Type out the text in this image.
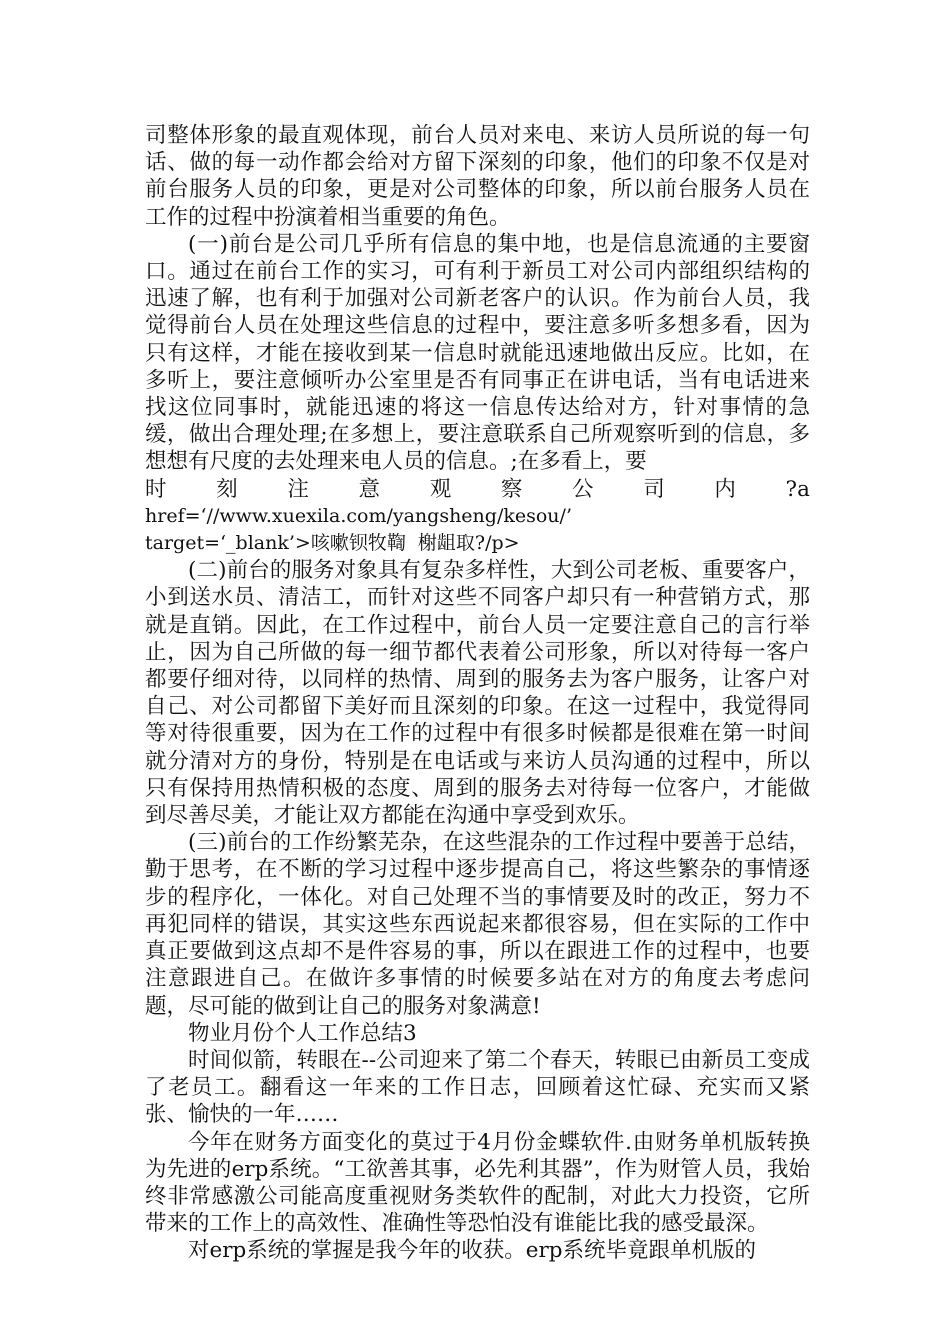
司整体形象的最直观体现，前台人员对来电、来访人员所说的每一句话、做的每一动作都会给对方留下深刻的印象，他们的印象不仅是对前台服务人员的印象，更是对公司整体的印象，所以前台服务人员在工作的过程中扮演着相当重要的角色。

(一)前台是公司几乎所有信息的集中地，也是信息流通的主要窗口。通过在前台工作的实习，可有利于新员工对公司内部组织结构的迅速了解，也有利于加强对公司新老客户的认识。作为前台人员，我觉得前台人员在处理这些信息的过程中，要注意多听多想多看，因为只有这样，才能在接收到某一信息时就能迅速地做出反应。比如，在多听上，要注意倾听办公室里是否有同事正在讲电话，当有电话进来找这位同事时，就能迅速的将这一信息传达给对方，针对事情的急缓，做出合理处理;在多想上，要注意联系自己所观察听到的信息，多想想有尺度的去处理来电人员的信息。;在多看上，要

时 刻 注 意 观 察 公 司 内 ?a
href=‘//www.xuexila.com/yangsheng/kesou/’
target=‘_blank’>咳嗽钡牧鞫  榭龃取?/p>

(二)前台的服务对象具有复杂多样性，大到公司老板、重要客户，小到送水员、清洁工，而针对这些不同客户却只有一种营销方式，那就是直销。因此，在工作过程中，前台人员一定要注意自己的言行举止，因为自己所做的每一细节都代表着公司形象，所以对待每一客户都要仔细对待，以同样的热情、周到的服务去为客户服务，让客户对自己、对公司都留下美好而且深刻的印象。在这一过程中，我觉得同等对待很重要，因为在工作的过程中有很多时候都是很难在第一时间就分清对方的身份，特别是在电话或与来访人员沟通的过程中，所以只有保持用热情积极的态度、周到的服务去对待每一位客户，才能做到尽善尽美，才能让双方都能在沟通中享受到欢乐。

(三)前台的工作纷繁芜杂，在这些混杂的工作过程中要善于总结，勤于思考，在不断的学习过程中逐步提高自己，将这些繁杂的事情逐步的程序化，一体化。对自己处理不当的事情要及时的改正，努力不再犯同样的错误，其实这些东西说起来都很容易，但在实际的工作中真正要做到这点却不是件容易的事，所以在跟进工作的过程中，也要注意跟进自己。在做许多事情的时候要多站在对方的角度去考虑问题，尽可能的做到让自己的服务对象满意!

物业月份个人工作总结3

时间似箭，转眼在--公司迎来了第二个春天，转眼已由新员工变成了老员工。翻看这一年来的工作日志，回顾着这忙碌、充实而又紧张、愉快的一年……

今年在财务方面变化的莫过于4月份金蝶软件.由财务单机版转换为先进的erp系统。“工欲善其事，必先利其器”，作为财管人员，我始终非常感激公司能高度重视财务类软件的配制，对此大力投资，它所带来的工作上的高效性、准确性等恐怕没有谁能比我的感受最深。

对erp系统的掌握是我今年的收获。erp系统毕竟跟单机版的
